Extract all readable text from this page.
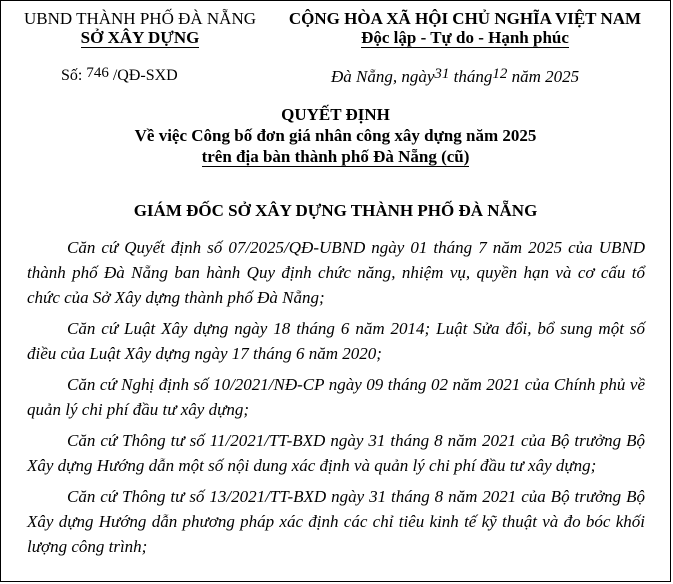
UBND THÀNH PHỐ ĐÀ NẴNG
SỞ XÂY DỰNG
CỘNG HÒA XÃ HỘI CHỦ NGHĨA VIỆT NAM
Độc lập - Tự do - Hạnh phúc
Số: 746 /QĐ-SXD	Đà Nẵng, ngày31 tháng12 năm 2025
QUYẾT ĐỊNH
Về việc Công bố đơn giá nhân công xây dựng năm 2025
trên địa bàn thành phố Đà Nẵng (cũ)
GIÁM ĐỐC SỞ XÂY DỰNG THÀNH PHỐ ĐÀ NẴNG

Căn cứ Quyết định số 07/2025/QĐ-UBND ngày 01 tháng 7 năm 2025 của UBND thành phố Đà Nẵng ban hành Quy định chức năng, nhiệm vụ, quyền hạn và cơ cấu tổ chức của Sở Xây dựng thành phố Đà Nẵng;

Căn cứ Luật Xây dựng ngày 18 tháng 6 năm 2014; Luật Sửa đổi, bổ sung một số điều của Luật Xây dựng ngày 17 tháng 6 năm 2020;

Căn cứ Nghị định số 10/2021/NĐ-CP ngày 09 tháng 02 năm 2021 của Chính phủ về quản lý chi phí đầu tư xây dựng;

Căn cứ Thông tư số 11/2021/TT-BXD ngày 31 tháng 8 năm 2021 của Bộ trưởng Bộ Xây dựng Hướng dẫn một số nội dung xác định và quản lý chi phí đầu tư xây dựng;

Căn cứ Thông tư số 13/2021/TT-BXD ngày 31 tháng 8 năm 2021 của Bộ trưởng Bộ Xây dựng Hướng dẫn phương pháp xác định các chỉ tiêu kinh tế kỹ thuật và đo bóc khối lượng công trình;
